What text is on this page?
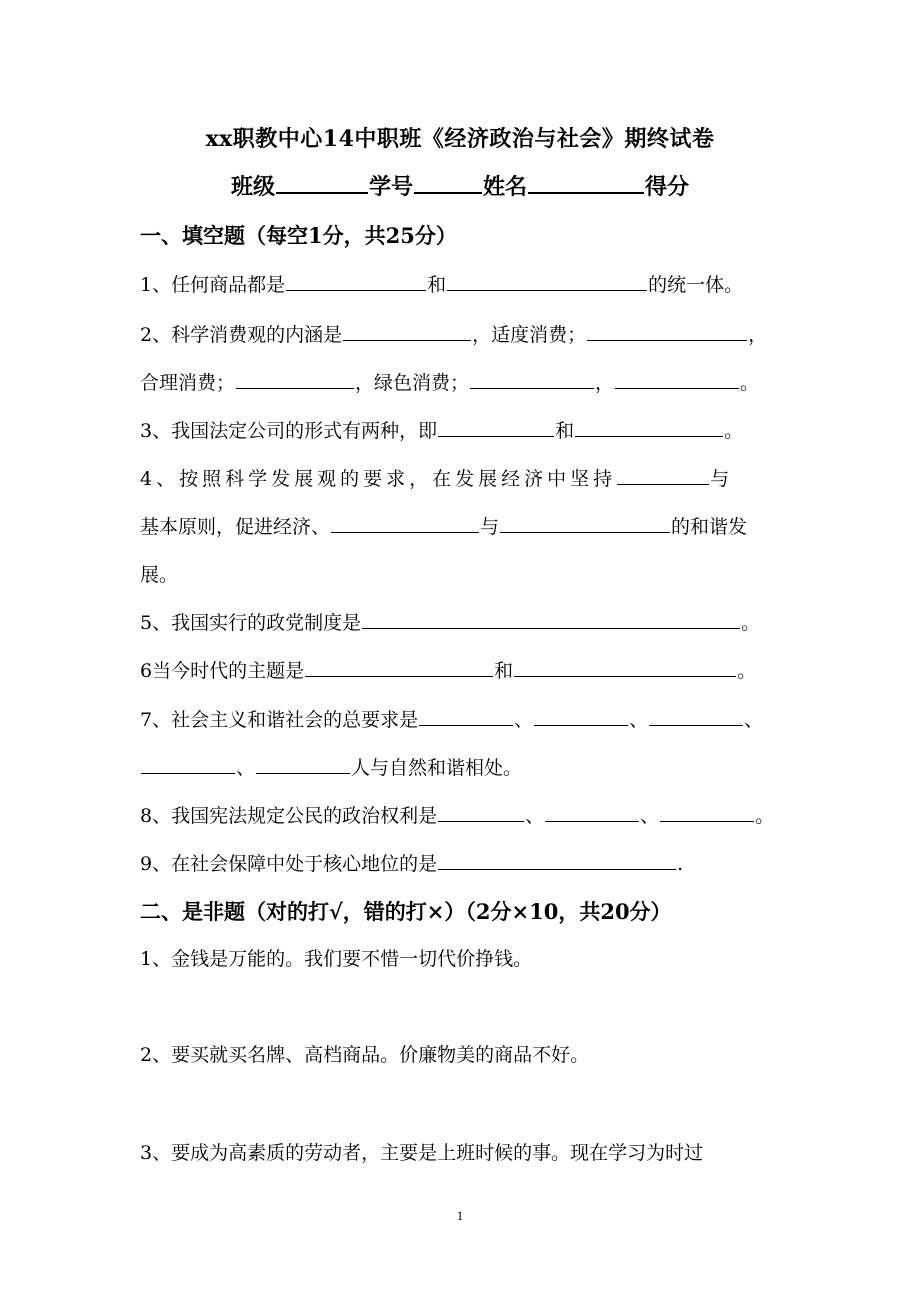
xx职教中心14中职班《经济政治与社会》期终试卷
班级	学号	姓名	得分
一、填空题（每空1分，共25分）
1、任何商品都是	和	的统一体。
2、科学消费观的内涵是	，适度消费；	，
合理消费；	，绿色消费；	，	。
3、我国法定公司的形式有两种，即	和	。
4、按照科学发展观的要求，在发展经济中坚持	与
基本原则，促进经济、	与	的和谐发
展。
5、我国实行的政党制度是	。
6当今时代的主题是	和	。
7、社会主义和谐社会的总要求是	、	、	、
、	人与自然和谐相处。
8、我国宪法规定公民的政治权利是	、	、	。
9、在社会保障中处于核心地位的是	.
二、是非题（对的打√，错的打×）（2分×10，共20分）
1、金钱是万能的。我们要不惜一切代价挣钱。
2、要买就买名牌、高档商品。价廉物美的商品不好。
3、要成为高素质的劳动者，主要是上班时候的事。现在学习为时过
1
